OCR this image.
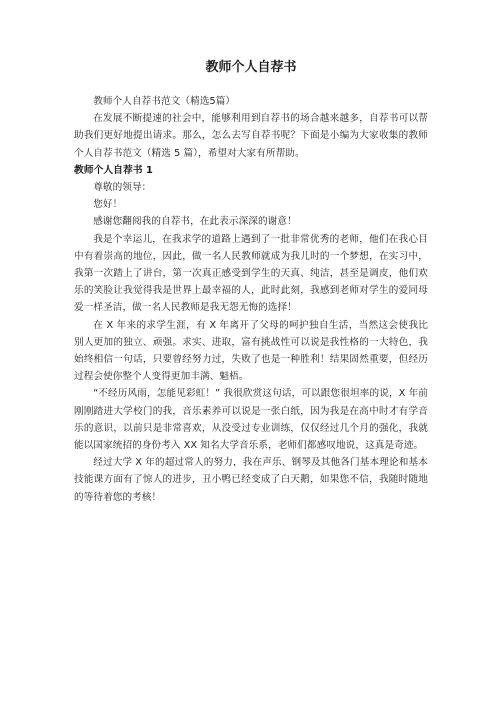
教师个人自荐书

教师个人自荐书范文（精选5篇）

在发展不断提速的社会中，能够利用到自荐书的场合越来越多，自荐书可以帮助我们更好地提出请求。那么，怎么去写自荐书呢？下面是小编为大家收集的教师个人自荐书范文（精选 5 篇），希望对大家有所帮助。

教师个人自荐书 1

尊敬的领导：

您好！

感谢您翻阅我的自荐书，在此表示深深的谢意！

我是个幸运儿，在我求学的道路上遇到了一批非常优秀的老师，他们在我心目中有着崇高的地位，因此，做一名人民教师就成为我儿时的一个梦想，在实习中，我第一次踏上了讲台，第一次真正感受到学生的天真、纯洁，甚至是调皮，他们欢乐的笑脸让我觉得我是世界上最幸福的人，此时此刻，我感到老师对学生的爱同母爱一样圣洁，做一名人民教师是我无怨无悔的选择！

在 X 年来的求学生涯，有 X 年离开了父母的呵护独自生活，当然这会使我比别人更加的独立、顽强。求实、进取，富有挑战性可以说是我性格的一大特色，我始终相信一句话，只要曾经努力过，失败了也是一种胜利！结果固然重要，但经历过程会使你整个人变得更加丰满、魁梧。

“不经历风雨，怎能见彩虹！” 我很欣赏这句话，可以跟您很坦率的说，X 年前刚刚踏进大学校门的我，音乐素养可以说是一张白纸，因为我是在高中时才有学音乐的意识，以前只是非常喜欢，从没受过专业训练，仅仅经过几个月的强化，我就能以国家统招的身份考入 XX 知名大学音乐系，老师们都感叹地说，这真是奇迹。

经过大学 X 年的超过常人的努力，我在声乐、钢琴及其他各门基本理论和基本技能课方面有了惊人的进步，丑小鸭已经变成了白天鹅，如果您不信，我随时随地的等待着您的考核！
